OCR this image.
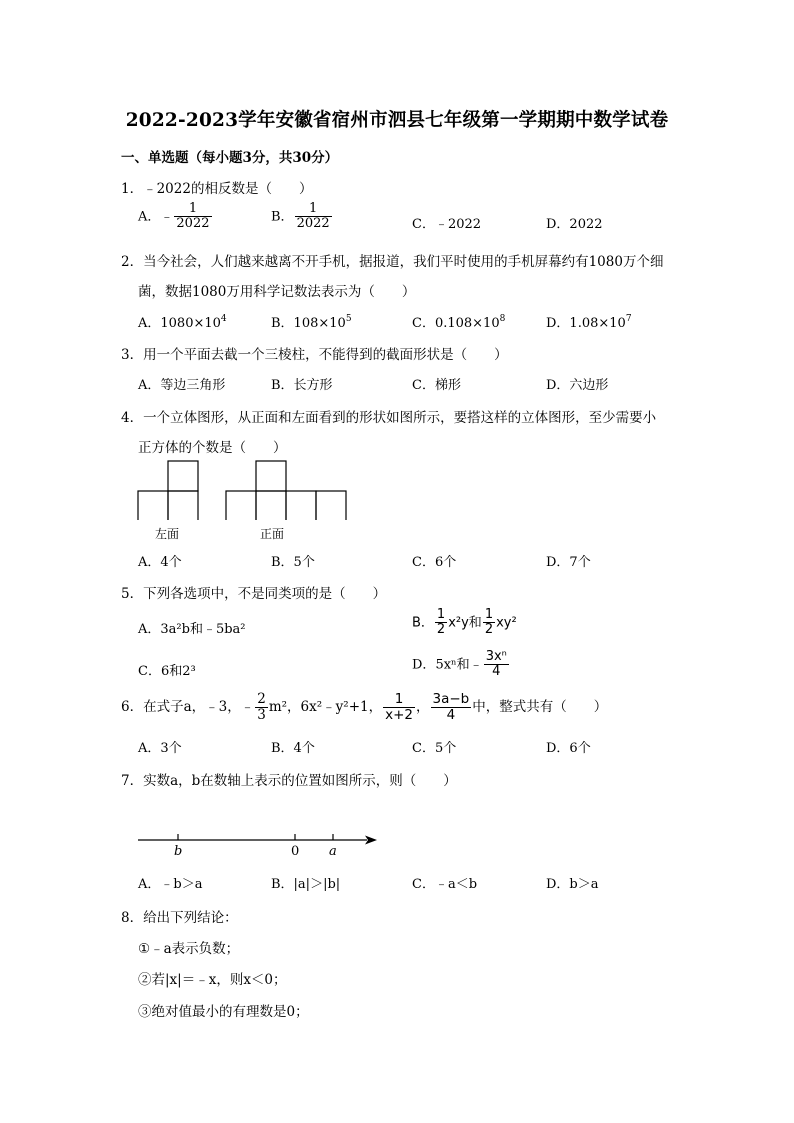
2022-2023学年安徽省宿州市泗县七年级第一学期期中数学试卷
一、单选题（每小题3分，共30分）
1．﹣2022的相反数是（　　）
A．﹣ $\frac{1}{2022}$	B． $\frac{1}{2022}$	C．﹣2022	D．2022
2．当今社会，人们越来越离不开手机，据报道，我们平时使用的手机屏幕约有1080万个细
菌，数据1080万用科学记数法表示为（　　）
A．$1080\times 10^4$	B．$108\times 10^5$	C．$0.108\times 10^8$	D．$1.08\times 10^7$
3．用一个平面去截一个三棱柱，不能得到的截面形状是（　　）
A．等边三角形	B．长方形	C．梯形	D．六边形
4．一个立体图形，从正面和左面看到的形状如图所示，要搭这样的立体图形，至少需要小
正方体的个数是（　　）
左面	正面
A．4个	B．5个	C．6个	D．7个
5．下列各选项中，不是同类项的是（　　）
A．3a²b和﹣5ba²	B． $\frac{1}{2} x^2y$和 $\frac{1}{2} xy^2$
C．6和2³	D．5xⁿ和﹣ $\frac{\text{3xⁿ}}{4}$
6．在式子a，﹣3，﹣ $\frac{2}{3} m^2$，6x²﹣y²+1， $\frac{1}{x+2}$ ， $\frac{3a-b}{4}$ 中，整式共有（　　）
A．3个	B．4个	C．5个	D．6个
7．实数a，b在数轴上表示的位置如图所示，则（　　）
b	0 a
A．﹣b＞a	B．|a|＞|b|	C．﹣a＜b	D．b＞a
8．给出下列结论：
①﹣a表示负数；
②若|x|＝﹣x，则x＜0；
③绝对值最小的有理数是0；
